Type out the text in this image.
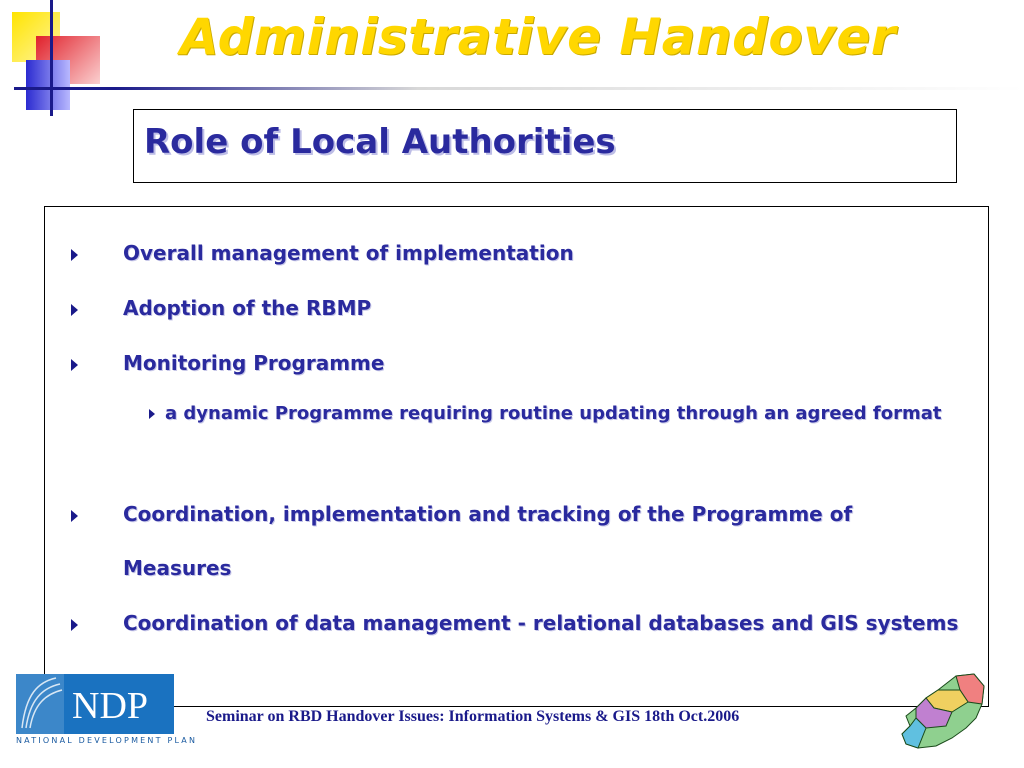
Administrative Handover
Role of Local Authorities
Overall management of implementation
Adoption of the RBMP
Monitoring Programme
a dynamic Programme requiring routine updating through an agreed format
Coordination, implementation and tracking of the Programme of Measures
Coordination of data management - relational databases and GIS systems
NDP
NATIONAL DEVELOPMENT PLAN
Seminar on RBD Handover Issues: Information Systems & GIS 18th Oct.2006
